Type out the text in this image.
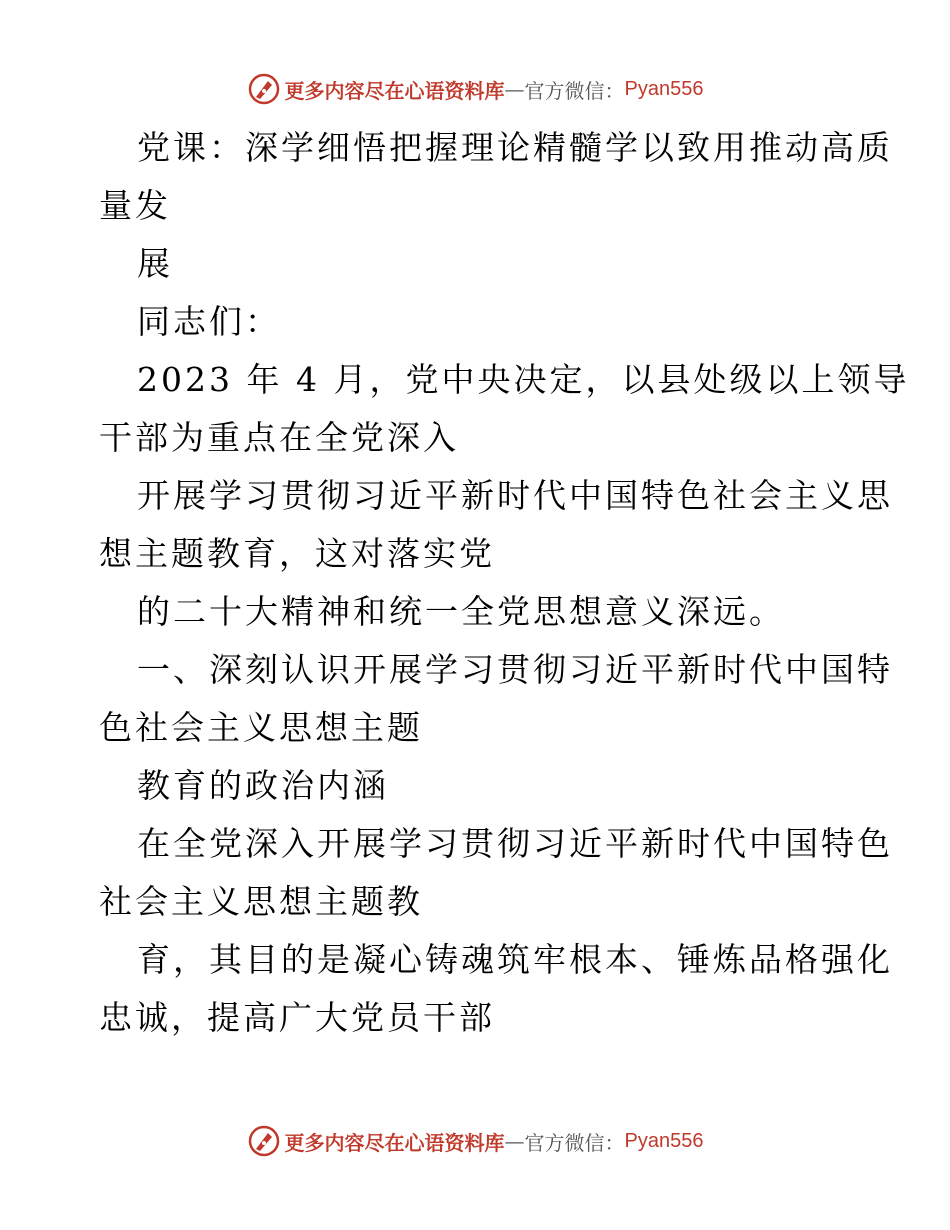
更多内容尽在心语资料库 — 官方微信： Pyan556
党课：深学细悟把握理论精髓学以致用推动高质
量发
展
同志们：
2023 年 4 月，党中央决定，以县处级以上领导
干部为重点在全党深入
开展学习贯彻习近平新时代中国特色社会主义思
想主题教育，这对落实党
的二十大精神和统一全党思想意义深远。
一、深刻认识开展学习贯彻习近平新时代中国特
色社会主义思想主题
教育的政治内涵
在全党深入开展学习贯彻习近平新时代中国特色
社会主义思想主题教
育，其目的是凝心铸魂筑牢根本、锤炼品格强化
忠诚，提高广大党员干部
更多内容尽在心语资料库 — 官方微信： Pyan556
